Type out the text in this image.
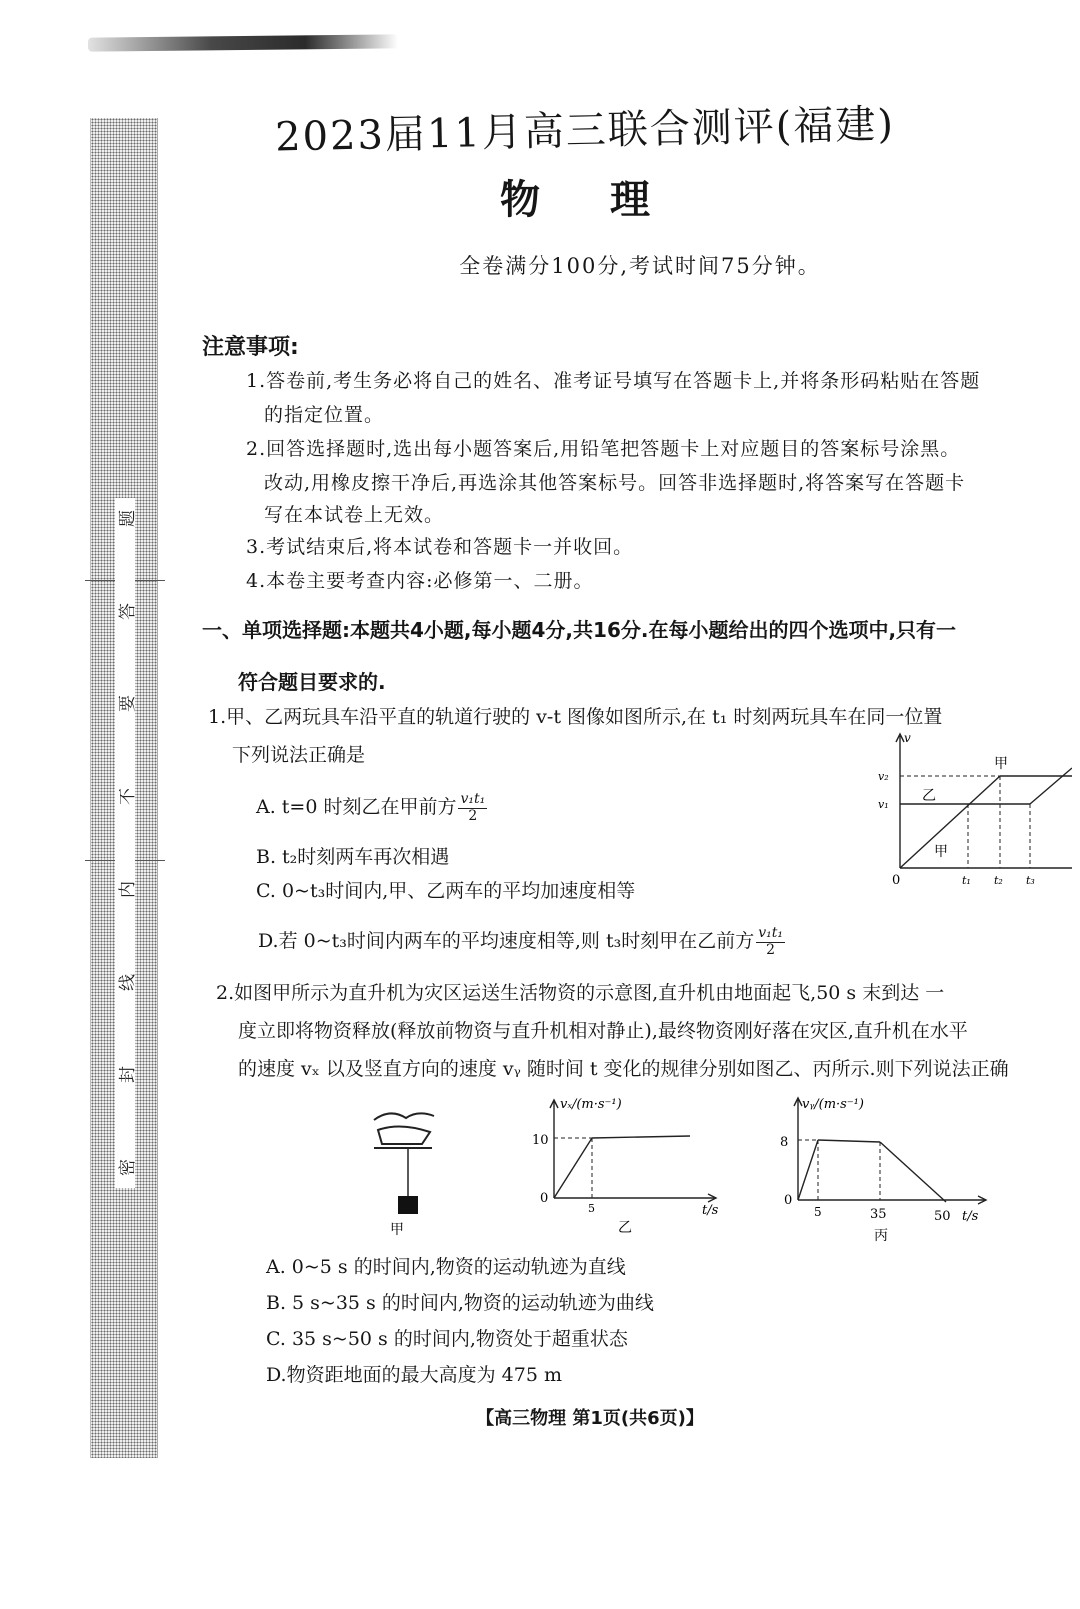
题
答
要
不
内
线
封
密
2023届11月高三联合测评(福建)
物理
全卷满分100分,考试时间75分钟。
注意事项:
1.答卷前,考生务必将自己的姓名、准考证号填写在答题卡上,并将条形码粘贴在答题
的指定位置。
2.回答选择题时,选出每小题答案后,用铅笔把答题卡上对应题目的答案标号涂黑。
改动,用橡皮擦干净后,再选涂其他答案标号。回答非选择题时,将答案写在答题卡
写在本试卷上无效。
3.考试结束后,将本试卷和答题卡一并收回。
4.本卷主要考查内容:必修第一、二册。
一、单项选择题:本题共4小题,每小题4分,共16分.在每小题给出的四个选项中,只有一
符合题目要求的.
1.甲、乙两玩具车沿平直的轨道行驶的 v-t 图像如图所示,在 t₁ 时刻两玩具车在同一位置
下列说法正确是
A. t=0 时刻乙在甲前方 $\frac{\text{v₁t₁}}{2}$
B. t₂时刻两车再次相遇
C. 0~t₃时间内,甲、乙两车的平均加速度相等
D.若 0~t₃时间内两车的平均速度相等,则 t₃时刻甲在乙前方 $\frac{\text{v₁t₁}}{2}$
v
0
v₂
v₁
t₁ t₂ t₃
甲
乙
甲
2.如图甲所示为直升机为灾区运送生活物资的示意图,直升机由地面起飞,50 s 末到达 一
度立即将物资释放(释放前物资与直升机相对静止),最终物资刚好落在灾区,直升机在水平
的速度 vₓ 以及竖直方向的速度 vᵧ 随时间 t 变化的规律分别如图乙、丙所示.则下列说法正确
甲
vₓ/(m·s⁻¹)
10
0
5	t/s
乙
vᵧ/(m·s⁻¹)
8
0
5	35	50 t/s
丙
A. 0~5 s 的时间内,物资的运动轨迹为直线
B. 5 s~35 s 的时间内,物资的运动轨迹为曲线
C. 35 s~50 s 的时间内,物资处于超重状态
D.物资距地面的最大高度为 475 m
【高三物理 第1页(共6页)】
